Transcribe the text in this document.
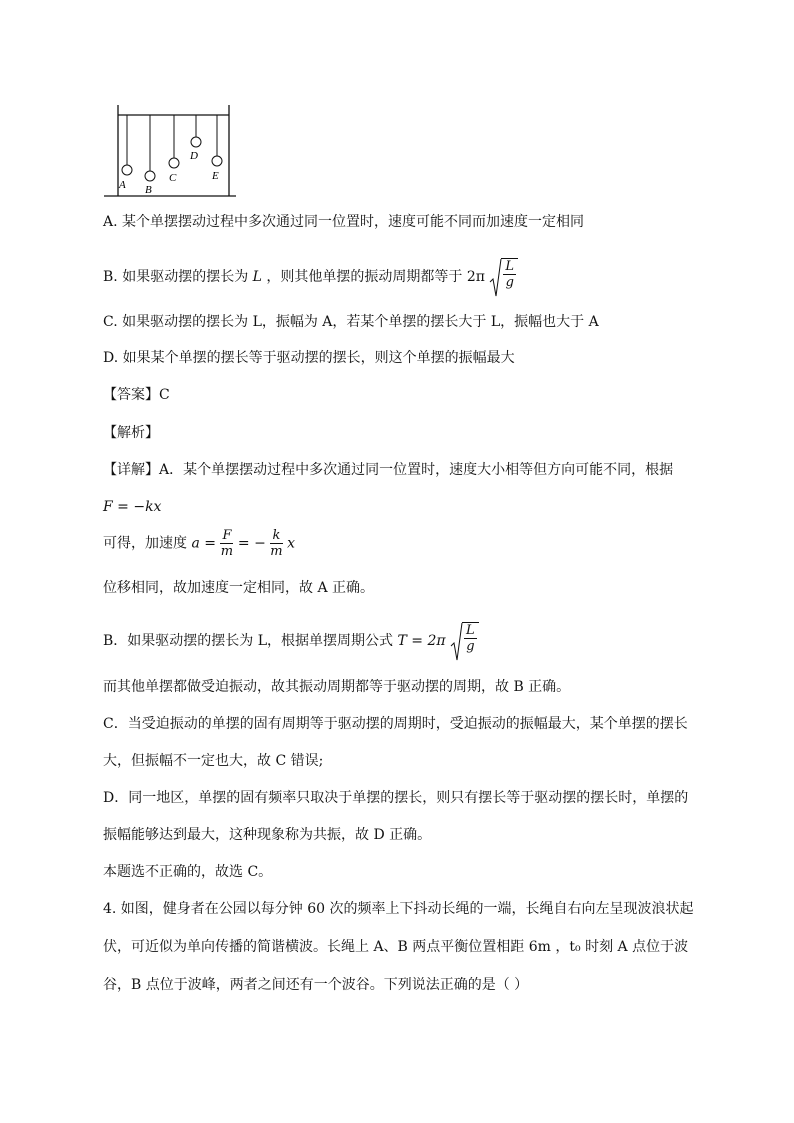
A B
C
D
E
A. 某个单摆摆动过程中多次通过同一位置时，速度可能不同而加速度一定相同
B. 如果驱动摆的摆长为 L ，则其他单摆的振动周期都等于 $2\pi \frac{L}{g}$
C. 如果驱动摆的摆长为 L，振幅为 A，若某个单摆的摆长大于 L，振幅也大于 A
D. 如果某个单摆的摆长等于驱动摆的摆长，则这个单摆的振幅最大
【答案】C
【解析】
【详解】A．某个单摆摆动过程中多次通过同一位置时，速度大小相等但方向可能不同，根据
F = −kx
可得，加速度 $a = \frac{F}{m}$ = − $\frac{k}{m}$ x
位移相同，故加速度一定相同，故 A 正确。
B．如果驱动摆的摆长为 L，根据单摆周期公式 $T = 2\pi \frac{L}{g}$
而其他单摆都做受迫振动，故其振动周期都等于驱动摆的周期，故 B 正确。
C．当受迫振动的单摆的固有周期等于驱动摆的周期时，受迫振动的振幅最大，某个单摆的摆长
大，但振幅不一定也大，故 C 错误;
D．同一地区，单摆的固有频率只取决于单摆的摆长，则只有摆长等于驱动摆的摆长时，单摆的
振幅能够达到最大，这种现象称为共振，故 D 正确。
本题选不正确的，故选 C。
4. 如图，健身者在公园以每分钟 60 次的频率上下抖动长绳的一端，长绳自右向左呈现波浪状起
伏，可近似为单向传播的简谐横波。长绳上 A、B 两点平衡位置相距 6m ，t₀ 时刻 A 点位于波
谷，B 点位于波峰，两者之间还有一个波谷。下列说法正确的是（ ）
